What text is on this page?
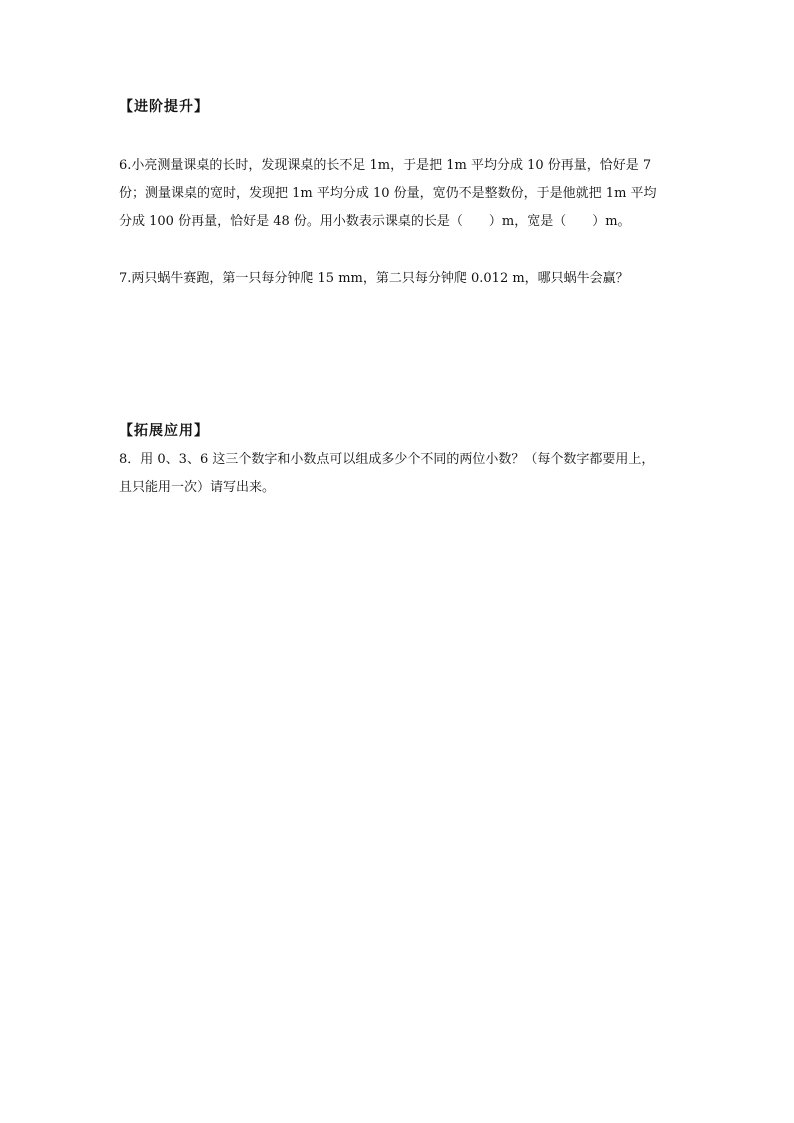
【进阶提升】
6.小亮测量课桌的长时，发现课桌的长不足 1m，于是把 1m 平均分成 10 份再量，恰好是 7
份；测量课桌的宽时，发现把 1m 平均分成 10 份量，宽仍不是整数份，于是他就把 1m 平均
分成 100 份再量，恰好是 48 份。用小数表示课桌的长是（　　）m，宽是（　　）m。
7.两只蜗牛赛跑，第一只每分钟爬 15 mm，第二只每分钟爬 0.012 m，哪只蜗牛会赢？
【拓展应用】
8．用 0、3、6 这三个数字和小数点可以组成多少个不同的两位小数？（每个数字都要用上，
且只能用一次）请写出来。
